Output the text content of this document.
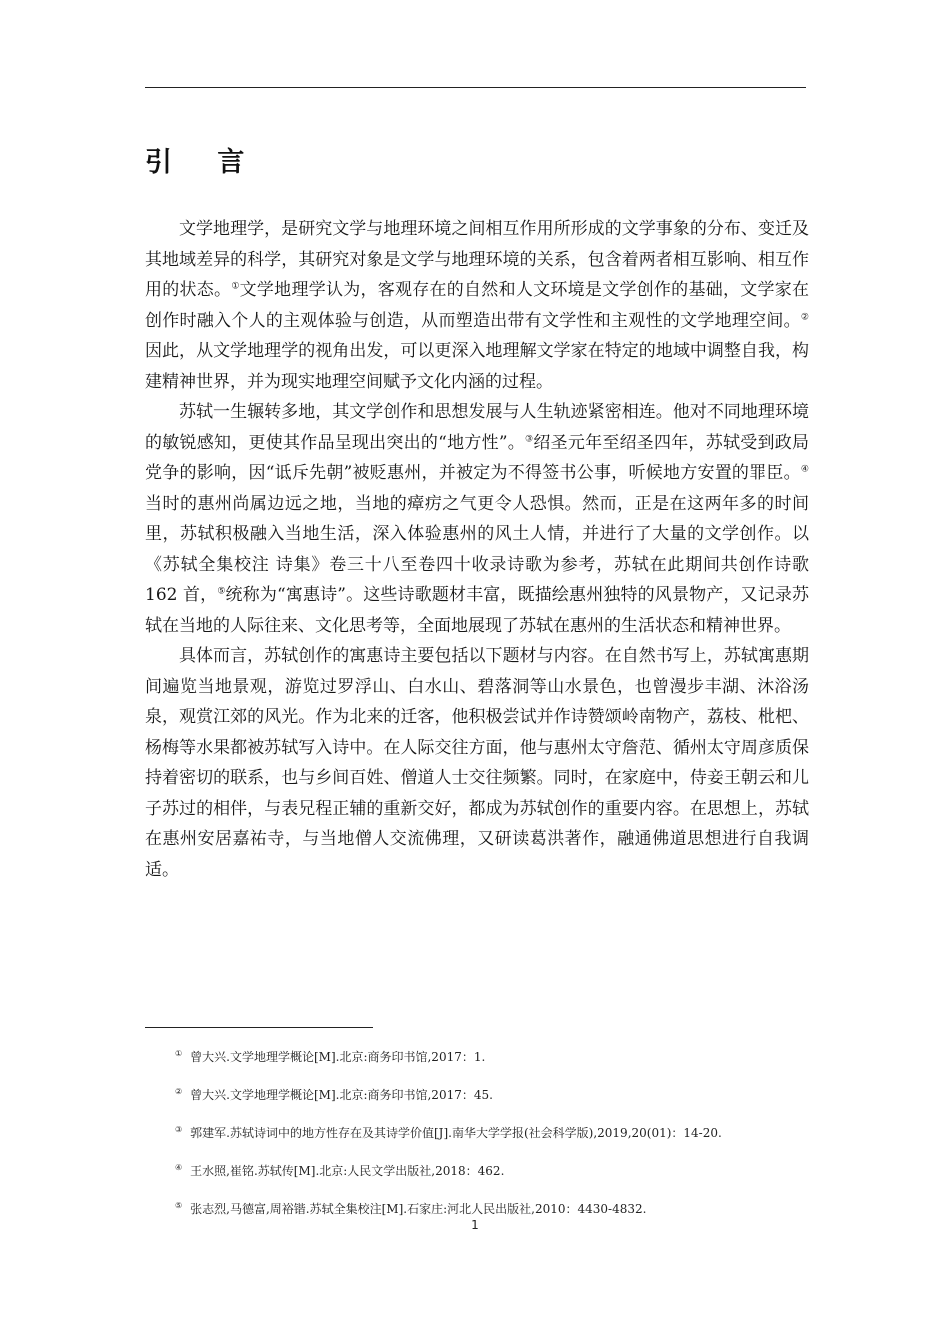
引 言

文学地理学，是研究文学与地理环境之间相互作用所形成的文学事象的分布、变迁及其地域差异的科学，其研究对象是文学与地理环境的关系，包含着两者相互影响、相互作用的状态。①文学地理学认为，客观存在的自然和人文环境是文学创作的基础，文学家在创作时融入个人的主观体验与创造，从而塑造出带有文学性和主观性的文学地理空间。②因此，从文学地理学的视角出发，可以更深入地理解文学家在特定的地域中调整自我，构建精神世界，并为现实地理空间赋予文化内涵的过程。

苏轼一生辗转多地，其文学创作和思想发展与人生轨迹紧密相连。他对不同地理环境的敏锐感知，更使其作品呈现出突出的“地方性”。③绍圣元年至绍圣四年，苏轼受到政局党争的影响，因“诋斥先朝”被贬惠州，并被定为不得签书公事，听候地方安置的罪臣。④当时的惠州尚属边远之地，当地的瘴疠之气更令人恐惧。然而，正是在这两年多的时间里，苏轼积极融入当地生活，深入体验惠州的风土人情，并进行了大量的文学创作。以《苏轼全集校注 诗集》卷三十八至卷四十收录诗歌为参考，苏轼在此期间共创作诗歌 162 首，⑤统称为“寓惠诗”。这些诗歌题材丰富，既描绘惠州独特的风景物产，又记录苏轼在当地的人际往来、文化思考等，全面地展现了苏轼在惠州的生活状态和精神世界。

具体而言，苏轼创作的寓惠诗主要包括以下题材与内容。在自然书写上，苏轼寓惠期间遍览当地景观，游览过罗浮山、白水山、碧落洞等山水景色，也曾漫步丰湖、沐浴汤泉，观赏江郊的风光。作为北来的迁客，他积极尝试并作诗赞颂岭南物产，荔枝、枇杷、杨梅等水果都被苏轼写入诗中。在人际交往方面，他与惠州太守詹范、循州太守周彦质保持着密切的联系，也与乡间百姓、僧道人士交往频繁。同时，在家庭中，侍妾王朝云和儿子苏过的相伴，与表兄程正辅的重新交好，都成为苏轼创作的重要内容。在思想上，苏轼在惠州安居嘉祐寺，与当地僧人交流佛理，又研读葛洪著作，融通佛道思想进行自我调适。

① 曾大兴.文学地理学概论[M].北京:商务印书馆,2017：1.

② 曾大兴.文学地理学概论[M].北京:商务印书馆,2017：45.

③ 郭建军.苏轼诗词中的地方性存在及其诗学价值[J].南华大学学报(社会科学版),2019,20(01)：14-20.

④ 王水照,崔铭.苏轼传[M].北京:人民文学出版社,2018：462.

⑤ 张志烈,马德富,周裕锴.苏轼全集校注[M].石家庄:河北人民出版社,2010：4430-4832.

1
